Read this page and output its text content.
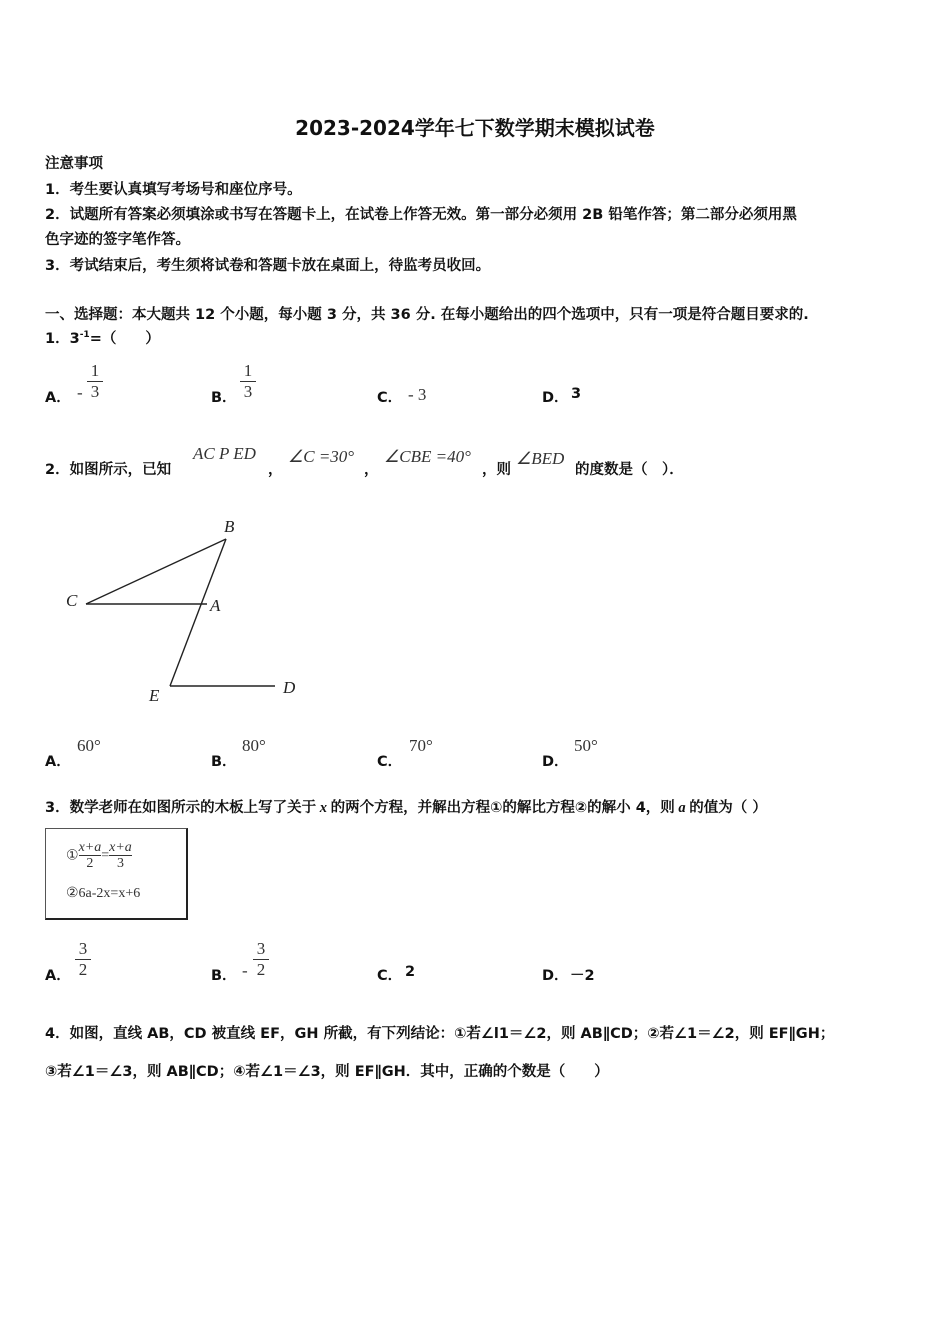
2023-2024学年七下数学期末模拟试卷
注意事项
1．考生要认真填写考场号和座位序号。
2．试题所有答案必须填涂或书写在答题卡上，在试卷上作答无效。第一部分必须用 2B 铅笔作答；第二部分必须用黑
色字迹的签字笔作答。
3．考试结束后，考生须将试卷和答题卡放在桌面上，待监考员收回。
一、选择题：本大题共 12 个小题，每小题 3 分，共 36 分. 在每小题给出的四个选项中，只有一项是符合题目要求的.
1．$3^{-1}=$（　　）
A． -
1
3	B．
1
3	C． - 3	D． 3
2．如图所示，已知
AC P ED
，
∠C =30°
，
∠CBE =40°
，则
∠BED
的度数是（　）．
B
C	A
E	D
A．
60°
B．
80°
C．
70°
D．
50°
3．数学老师在如图所示的木板上写了关于 x 的两个方程，并解出方程①的解比方程②的解小 4，则 a 的值为（ ）
① $\frac{x+a}{2} = \frac{x+a}{3}$
②6a-2x=x+6
A．
3
2	B． -
3
2	C． 2	D． －2
4．如图，直线 AB，CD 被直线 EF，GH 所截，有下列结论：①若∠l1＝∠2，则 AB∥CD；②若∠1＝∠2，则 EF∥GH；
③若∠1＝∠3，则 AB∥CD；④若∠1＝∠3，则 EF∥GH．其中，正确的个数是（　　）
